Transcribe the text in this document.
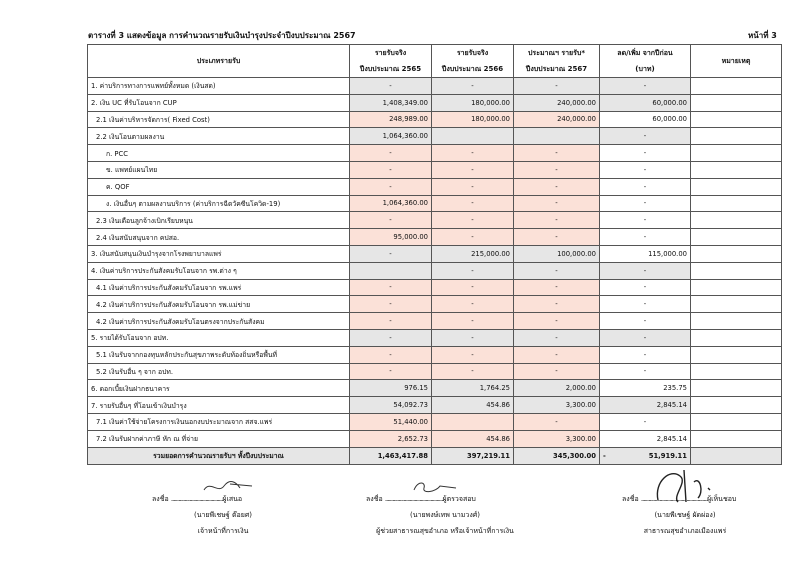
ตารางที่ 3 แสดงข้อมูล การคำนวณรายรับเงินบำรุงประจำปีงบประมาณ 2567	หน้าที่ 3
ประเภทรายรับ	รายรับจริง	รายรับจริง	ประมาณฯ รายรับ*	ลด/เพิ่ม จากปีก่อน	หมายเหตุ
	ปีงบประมาณ 2565	ปีงบประมาณ 2566	ปีงบประมาณ 2567	(บาท)	
1. ค่าบริการทางการแพทย์ทั้งหมด (เงินสด)	-	-	-	-	
2. เงิน UC ที่รับโอนจาก CUP	1,408,349.00	180,000.00	240,000.00	60,000.00	
2.1 เงินค่าบริหารจัดการ( Fixed Cost)	248,989.00	180,000.00	240,000.00	60,000.00	
2.2 เงินโอนตามผลงาน	1,064,360.00			-	
ก. PCC	-	-	-	-	
ข. แพทย์แผนไทย	-	-	-	-	
ค. QOF	-	-	-	-	
ง. เงินอื่นๆ ตามผลงานบริการ (ค่าบริการฉีดวัคซีนโควิด-19)	1,064,360.00	-	-	-	
2.3 เงินเดือนลูกจ้างเบิกเรียบหนุน	-	-	-	-	
2.4 เงินสนับสนุนจาก คปสอ.	95,000.00	-	-	-	
3. เงินสนับสนุนเงินบำรุงจากโรงพยาบาลแพร่	-	215,000.00	100,000.00	115,000.00	
4. เงินค่าบริการประกันสังคมรับโอนจาก รพ.ต่าง ๆ		-	-	-	
4.1 เงินค่าบริการประกันสังคมรับโอนจาก รพ.แพร่	-	-	-	-	
4.2 เงินค่าบริการประกันสังคมรับโอนจาก รพ.แม่ข่าย	-	-	-	-	
4.2 เงินค่าบริการประกันสังคมรับโอนตรงจากประกันสังคม	-	-	-	-	
5. รายได้รับโอนจาก อปท.	-	-	-	-	
5.1 เงินรับจากกองทุนหลักประกันสุขภาพระดับท้องถิ่นหรือพื้นที่	-	-	-	-	
5.2 เงินรับอื่น ๆ จาก อปท.	-	-	-	-	
6. ดอกเบี้ยเงินฝากธนาคาร	976.15	1,764.25	2,000.00	235.75	
7. รายรับอื่นๆ ที่โอนเข้าเงินบำรุง	54,092.73	454.86	3,300.00	2,845.14	
7.1 เงินค่าใช้จ่ายโครงการเงินนอกงบประมาณจาก สสจ.แพร่	51,440.00		-	-	
7.2 เงินรับฝากค่าภาษี หัก ณ ที่จ่าย	2,652.73	454.86	3,300.00	2,845.14	
รวมยอดการคำนวณรายรับฯ ทั้งปีงบประมาณ	1,463,417.88	397,219.11	345,300.00	- 51,919.11	
ลงชื่อ ..........................................ผู้เสนอ
(นายพีเชษฐ์ ต๊อยศ)
เจ้าหน้าที่การเงิน
ลงชื่อ ...............................................ผู้ตรวจสอบ
(นายพงษ์เทพ นามวงศ์)
ผู้ช่วยสาธารณสุขอำเภอ หรือเจ้าหน้าที่การเงิน
ลงชื่อ ......................................................ผู้เห็นชอบ
(นายพีเชษฐ์ ผัดผ่อง)
สาธารณสุขอำเภอเมืองแพร่
